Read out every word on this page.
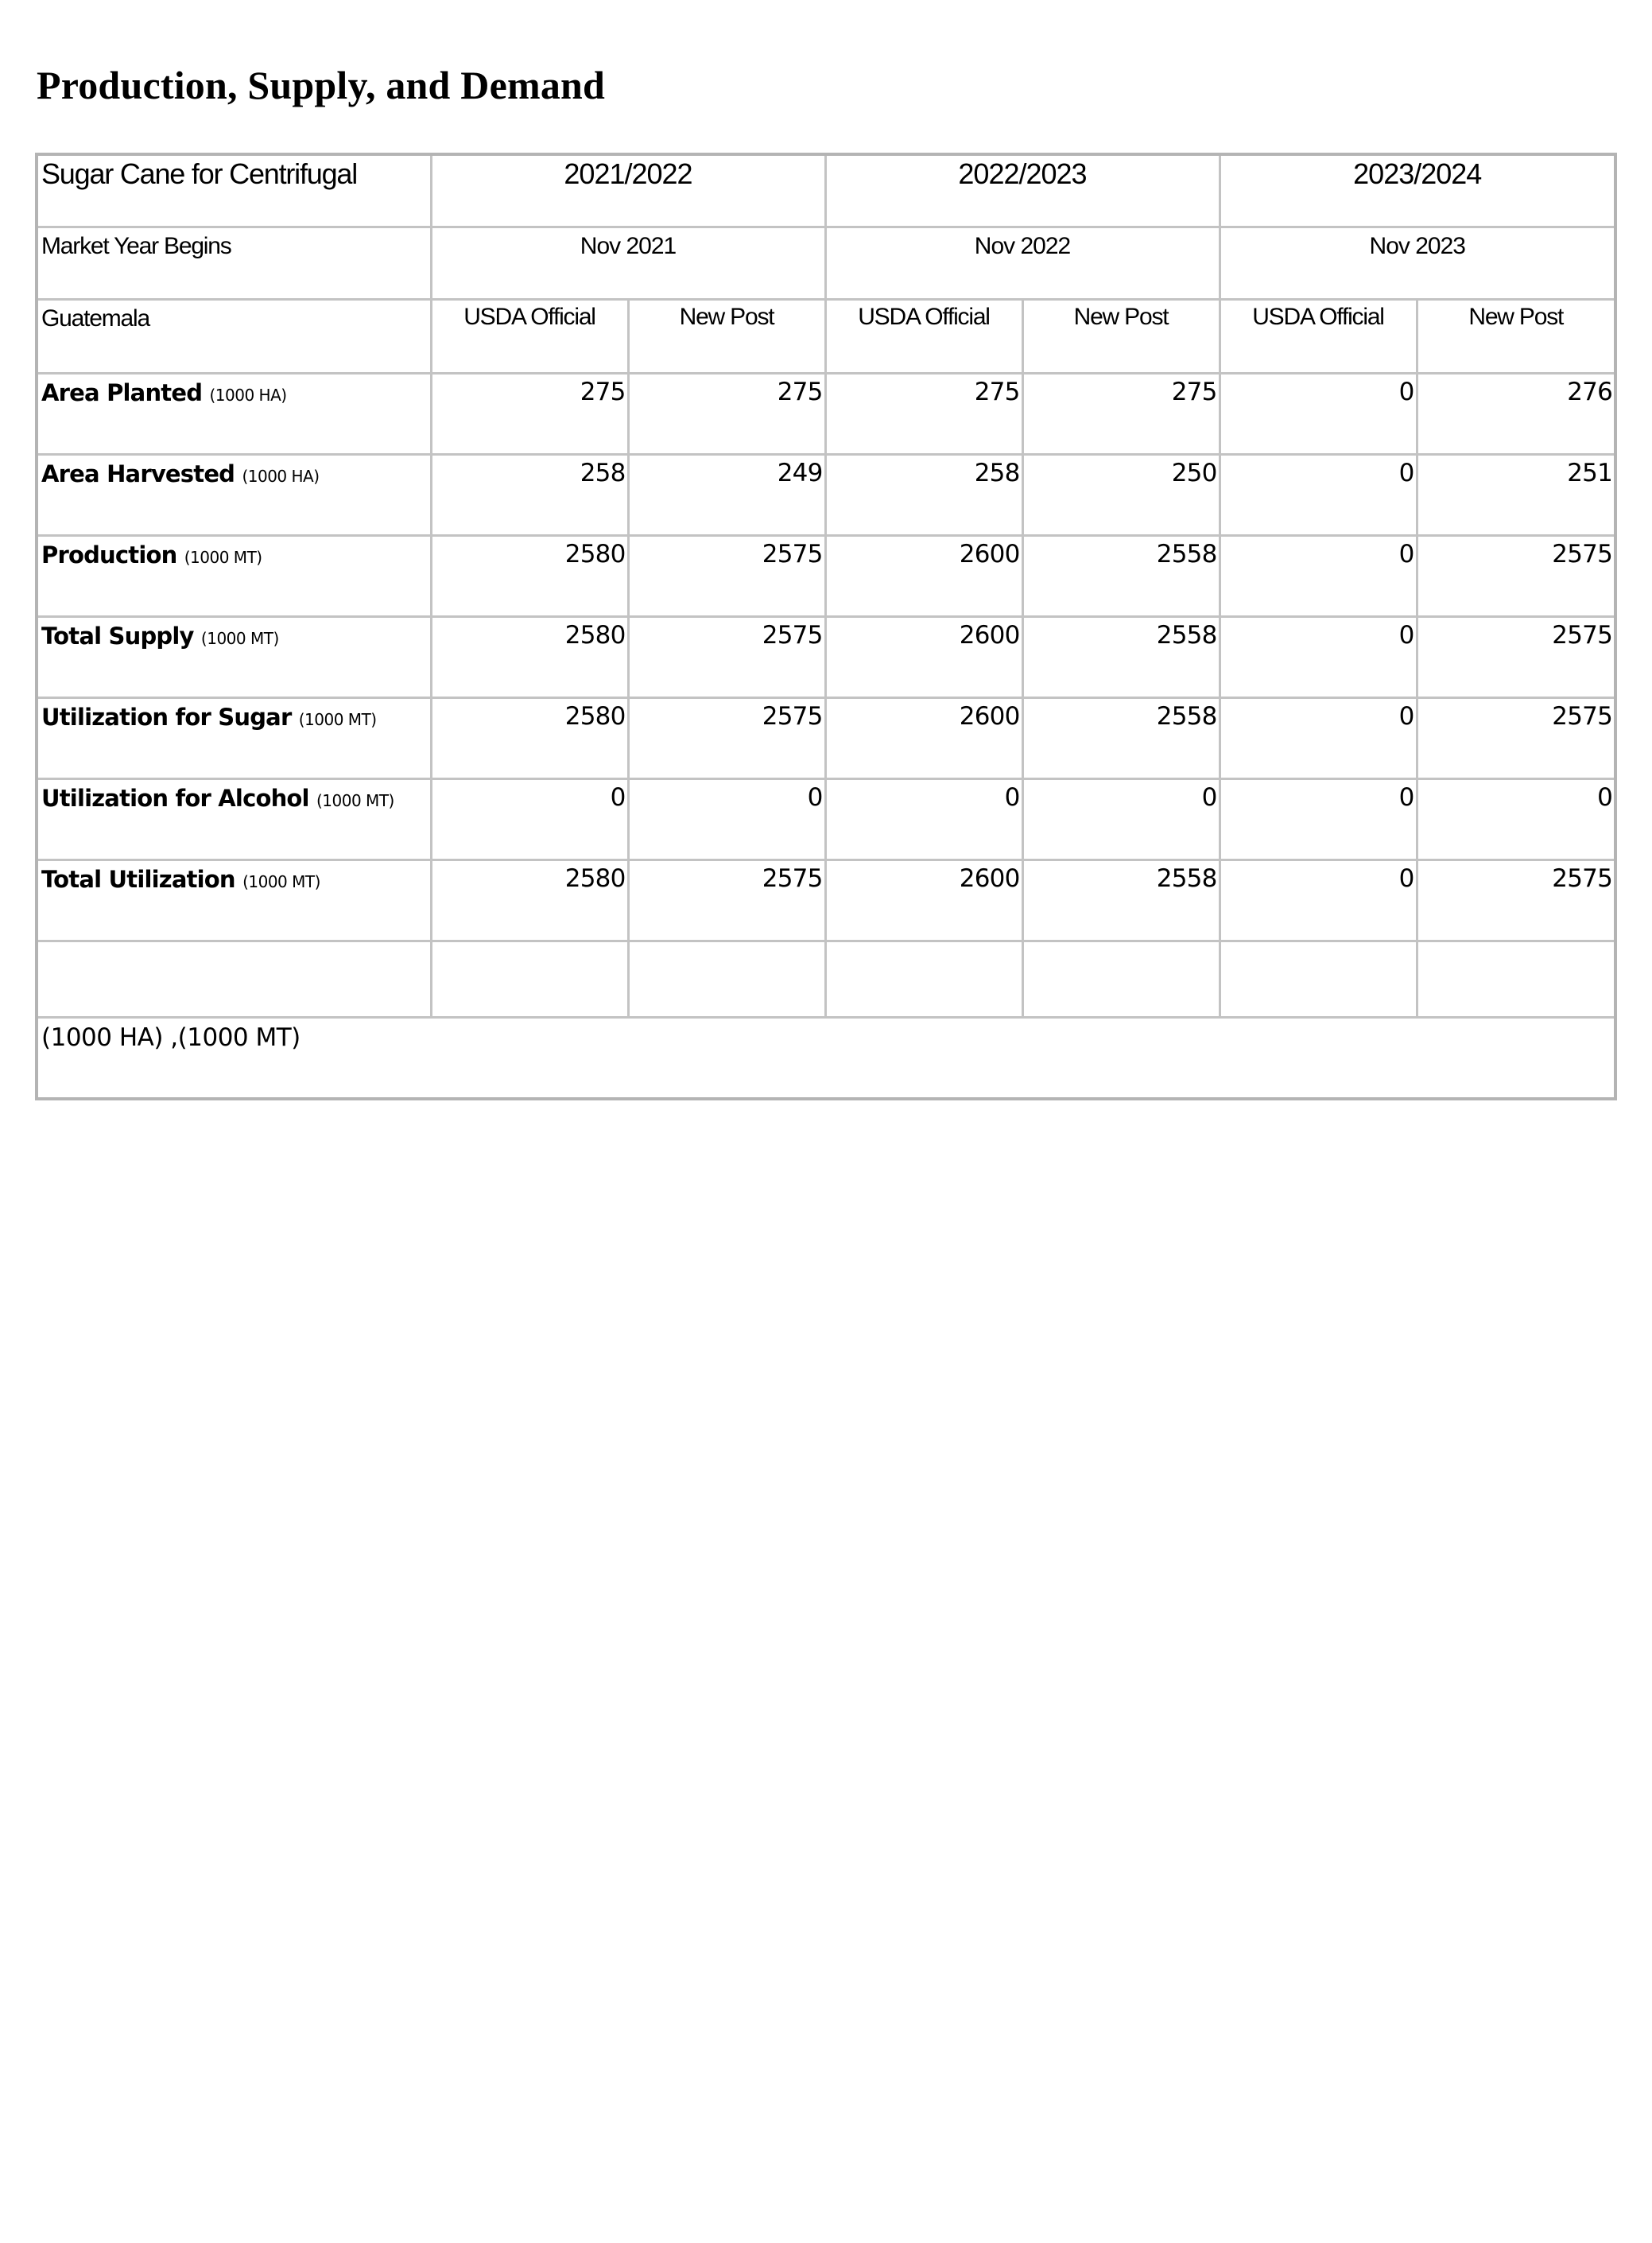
Production, Supply, and Demand
Sugar Cane for Centrifugal	2021/2022		2022/2023		2023/2024	
Market Year Begins	Nov 2021		Nov 2022		Nov 2023	
Guatemala	USDA Official	New Post	USDA Official	New Post	USDA Official	New Post
Area Planted (1000 HA)	275	275	275	275	0	276
Area Harvested (1000 HA)	258	249	258	250	0	251
Production (1000 MT)	2580	2575	2600	2558	0	2575
Total Supply (1000 MT)	2580	2575	2600	2558	0	2575
Utilization for Sugar (1000 MT)	2580	2575	2600	2558	0	2575
Utilization for Alcohol (1000 MT)	0	0	0	0	0	0
Total Utilization (1000 MT)	2580	2575	2600	2558	0	2575

(1000 HA) ,(1000 MT)						
